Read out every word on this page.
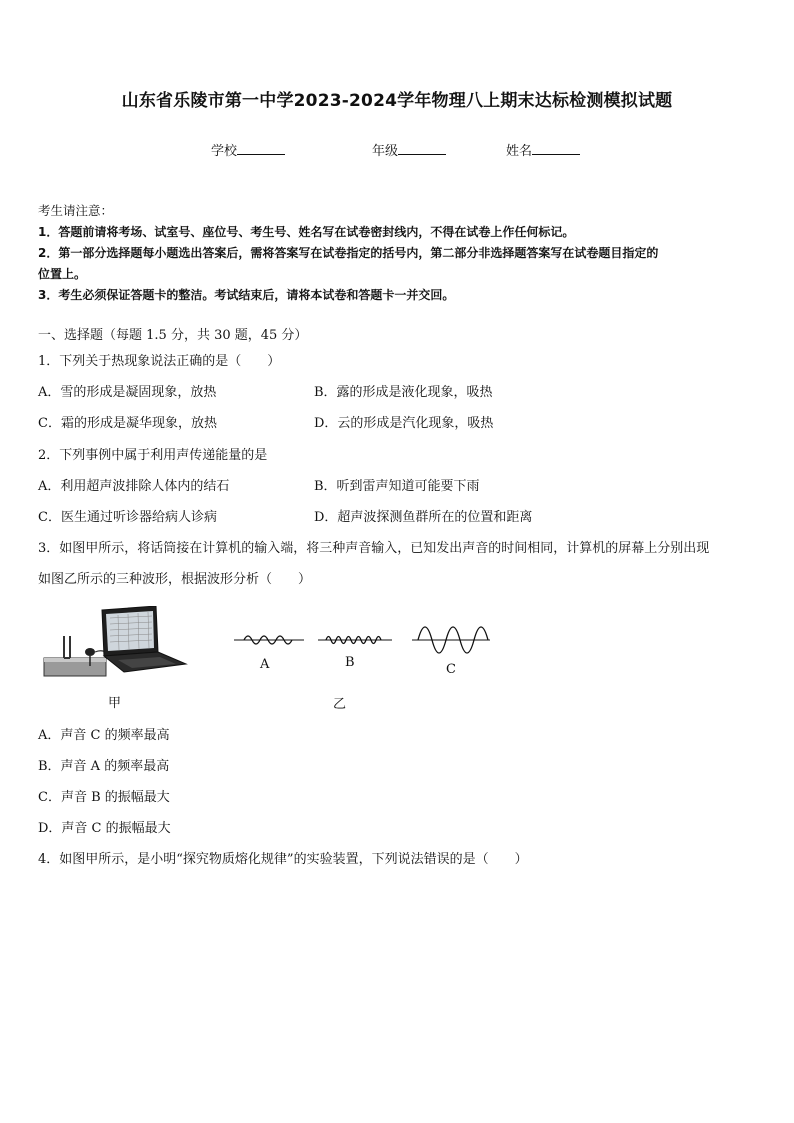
山东省乐陵市第一中学2023-2024学年物理八上期末达标检测模拟试题
学校	年级	姓名
考生请注意：
1．答题前请将考场、试室号、座位号、考生号、姓名写在试卷密封线内，不得在试卷上作任何标记。
2．第一部分选择题每小题选出答案后，需将答案写在试卷指定的括号内，第二部分非选择题答案写在试卷题目指定的
位置上。
3．考生必须保证答题卡的整洁。考试结束后，请将本试卷和答题卡一并交回。
一、选择题（每题 1.5 分，共 30 题，45 分）
1．下列关于热现象说法正确的是（　　）
A．雪的形成是凝固现象，放热	B．露的形成是液化现象，吸热
C．霜的形成是凝华现象，放热	D．云的形成是汽化现象，吸热
2．下列事例中属于利用声传递能量的是
A．利用超声波排除人体内的结石	B．听到雷声知道可能要下雨
C．医生通过听诊器给病人诊病	D．超声波探测鱼群所在的位置和距离
3．如图甲所示，将话筒接在计算机的输入端，将三种声音输入，已知发出声音的时间相同，计算机的屏幕上分别出现
如图乙所示的三种波形，根据波形分析（　　）
甲
A	B	C
乙
A．声音 C 的频率最高
B．声音 A 的频率最高
C．声音 B 的振幅最大
D．声音 C 的振幅最大
4．如图甲所示，是小明“探究物质熔化规律”的实验装置，下列说法错误的是（　　）
